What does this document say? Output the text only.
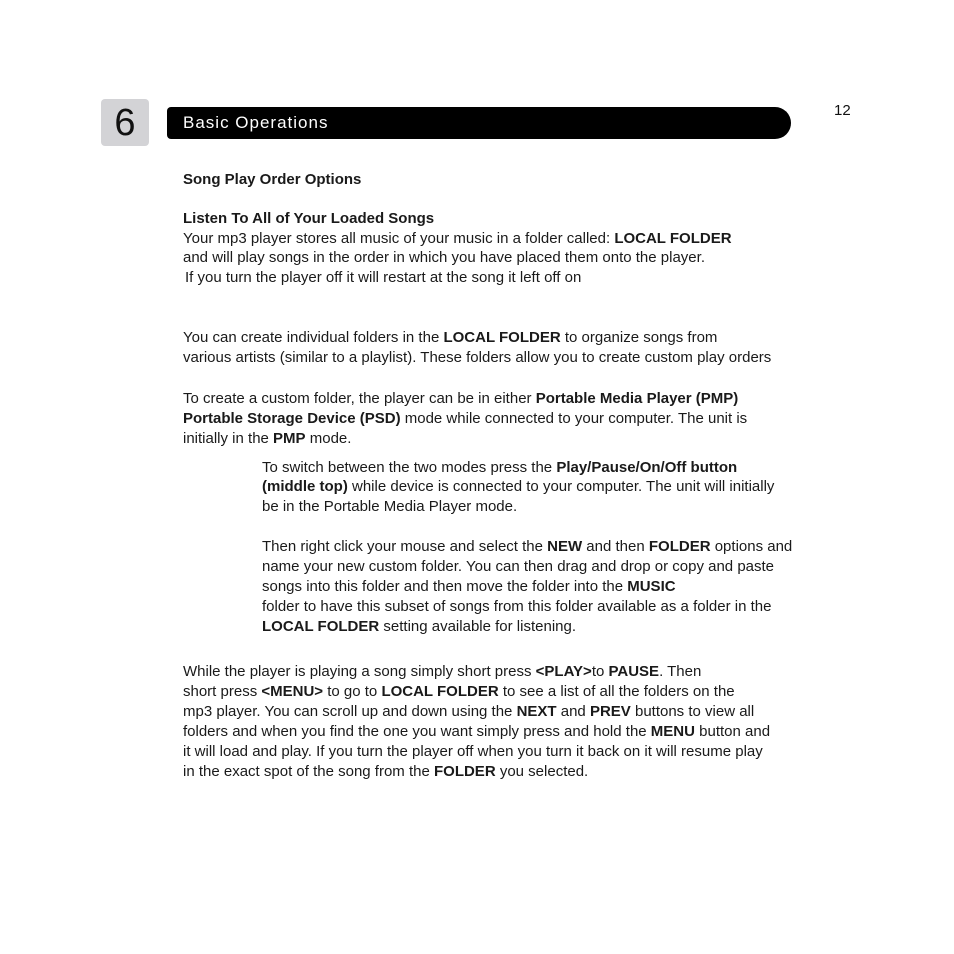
6	Basic Operations
12

Song Play Order Options

Listen To All of Your Loaded Songs

Your mp3 player stores all music of your music in a folder called: LOCAL FOLDER

and will play songs in the order in which you have placed them onto the player.

If you turn the player off it will restart at the song it left off on

You can create individual folders in the LOCAL FOLDER to organize songs from

various artists (similar to a playlist). These folders allow you to create custom play orders

To create a custom folder, the player can be in either Portable Media Player (PMP)

Portable Storage Device (PSD) mode while connected to your computer. The unit is

initially in the PMP mode.

To switch between the two modes press the Play/Pause/On/Off button

(middle top) while device is connected to your computer. The unit will initially

be in the Portable Media Player mode.

Then right click your mouse and select the NEW and then FOLDER options and

name your new custom folder. You can then drag and drop or copy and paste

songs into this folder and then move the folder into the MUSIC

folder to have this subset of songs from this folder available as a folder in the

LOCAL FOLDER setting available for listening.

While the player is playing a song simply short press <PLAY>to PAUSE. Then

short press <MENU> to go to LOCAL FOLDER to see a list of all the folders on the

mp3 player. You can scroll up and down using the NEXT and PREV buttons to view all

folders and when you find the one you want simply press and hold the MENU button and

it will load and play. If you turn the player off when you turn it back on it will resume play

in the exact spot of the song from the FOLDER you selected.
